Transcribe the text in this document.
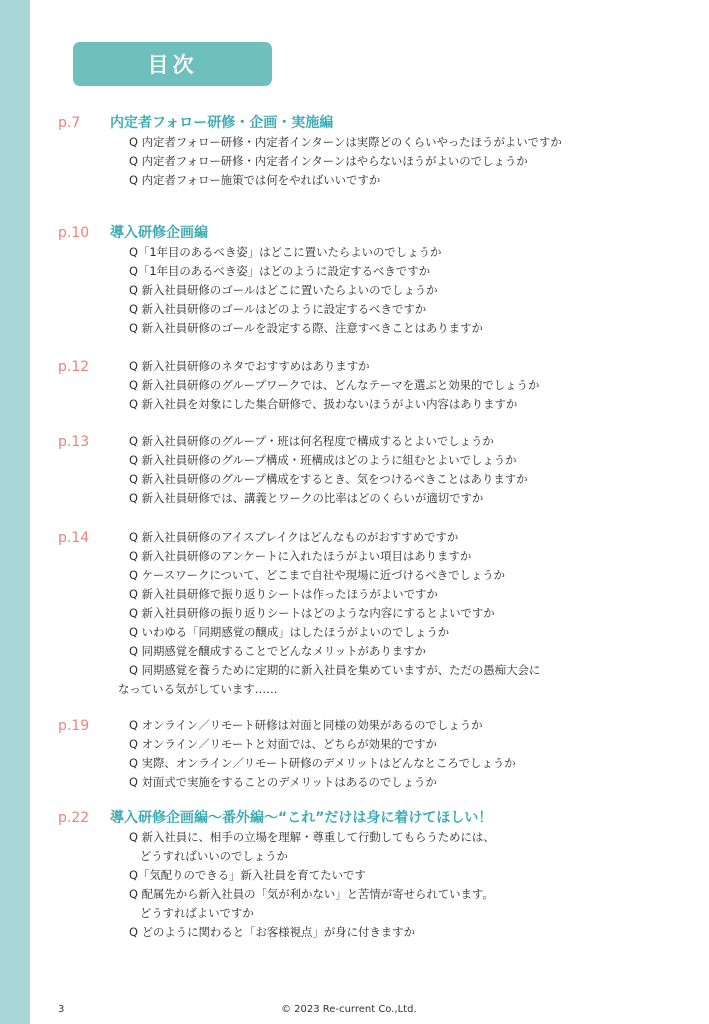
目次
p.7	内定者フォロー研修・企画・実施編
Q 内定者フォロー研修・内定者インターンは実際どのくらいやったほうがよいですか
Q 内定者フォロー研修・内定者インターンはやらないほうがよいのでしょうか
Q 内定者フォロー施策では何をやればいいですか
p.10	導入研修企画編
Q「1年目のあるべき姿」はどこに置いたらよいのでしょうか
Q「1年目のあるべき姿」はどのように設定するべきですか
Q 新入社員研修のゴールはどこに置いたらよいのでしょうか
Q 新入社員研修のゴールはどのように設定するべきですか
Q 新入社員研修のゴールを設定する際、注意すべきことはありますか
p.12	Q 新入社員研修のネタでおすすめはありますか
Q 新入社員研修のグループワークでは、どんなテーマを選ぶと効果的でしょうか
Q 新入社員を対象にした集合研修で、扱わないほうがよい内容はありますか
p.13	Q 新入社員研修のグループ・班は何名程度で構成するとよいでしょうか
Q 新入社員研修のグループ構成・班構成はどのように組むとよいでしょうか
Q 新入社員研修のグループ構成をするとき、気をつけるべきことはありますか
Q 新入社員研修では、講義とワークの比率はどのくらいが適切ですか
p.14	Q 新入社員研修のアイスブレイクはどんなものがおすすめですか
Q 新入社員研修のアンケートに入れたほうがよい項目はありますか
Q ケースワークについて、どこまで自社や現場に近づけるべきでしょうか
Q 新入社員研修で振り返りシートは作ったほうがよいですか
Q 新入社員研修の振り返りシートはどのような内容にするとよいですか
Q いわゆる「同期感覚の醸成」はしたほうがよいのでしょうか
Q 同期感覚を醸成することでどんなメリットがありますか
Q 同期感覚を養うために定期的に新入社員を集めていますが、ただの愚痴大会に
なっている気がしています……
p.19	Q オンライン／リモート研修は対面と同様の効果があるのでしょうか
Q オンライン／リモートと対面では、どちらが効果的ですか
Q 実際、オンライン／リモート研修のデメリットはどんなところでしょうか
Q 対面式で実施をすることのデメリットはあるのでしょうか
p.22	導入研修企画編～番外編～“これ”だけは身に着けてほしい！
Q 新入社員に、相手の立場を理解・尊重して行動してもらうためには、
どうすればいいのでしょうか
Q「気配りのできる」新入社員を育てたいです
Q 配属先から新入社員の「気が利かない」と苦情が寄せられています。
どうすればよいですか
Q どのように関わると「お客様視点」が身に付きますか
3	© 2023 Re-current Co.,Ltd.
